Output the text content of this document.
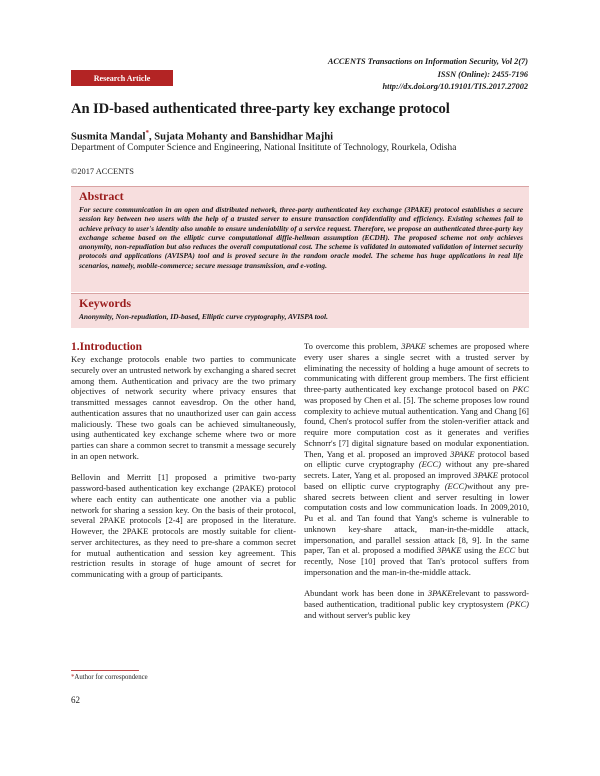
ACCENTS Transactions on Information Security, Vol 2(7)
ISSN (Online): 2455-7196
http://dx.doi.org/10.19101/TIS.2017.27002
Research Article
An ID-based authenticated three-party key exchange protocol
Susmita Mandal*, Sujata Mohanty and Banshidhar Majhi
Department of Computer Science and Engineering, National Insititute of Technology, Rourkela, Odisha
©2017 ACCENTS
Abstract

For secure communication in an open and distributed network, three-party authenticated key exchange (3PAKE) protocol establishes a secure session key between two users with the help of a trusted server to ensure transaction confidentiality and efficiency. Existing schemes fail to achieve privacy to user's identity also unable to ensure undeniability of a service request. Therefore, we propose an authenticated three-party key exchange scheme based on the elliptic curve computational diffie-hellman assumption (ECDH). The proposed scheme not only achieves anonymity, non-repudiation but also reduces the overall computational cost. The scheme is validated in automated validation of internet security protocols and applications (AVISPA) tool and is proved secure in the random oracle model. The scheme has huge applications in real life scenarios, namely, mobile-commerce; secure message transmission, and e-voting.

Keywords

Anonymity, Non-repudiation, ID-based, Elliptic curve cryptography, AVISPA tool.

1.Introduction

Key exchange protocols enable two parties to communicate securely over an untrusted network by exchanging a shared secret among them. Authentication and privacy are the two primary objectives of network security where privacy ensures that transmitted messages cannot eavesdrop. On the other hand, authentication assures that no unauthorized user can gain access maliciously. These two goals can be achieved simultaneously, using authenticated key exchange scheme where two or more parties can share a common secret to transmit a message securely in an open network.

Bellovin and Merritt [1] proposed a primitive two-party password-based authentication key exchange (2PAKE) protocol where each entity can authenticate one another via a public network for sharing a session key. On the basis of their protocol, several 2PAKE protocols [2-4] are proposed in the literature. However, the 2PAKE protocols are mostly suitable for client-server architectures, as they need to pre-share a common secret for mutual authentication and session key agreement. This restriction results in storage of huge amount of secret for communicating with a group of participants.

To overcome this problem, 3PAKE schemes are proposed where every user shares a single secret with a trusted server by eliminating the necessity of holding a huge amount of secrets to communicating with different group members. The first efficient three-party authenticated key exchange protocol based on PKC was proposed by Chen et al. [5]. The scheme proposes low round complexity to achieve mutual authentication. Yang and Chang [6] found, Chen's protocol suffer from the stolen-verifier attack and require more computation cost as it generates and verifies Schnorr's [7] digital signature based on modular exponentiation. Then, Yang et al. proposed an improved 3PAKE protocol based on elliptic curve cryptography (ECC) without any pre-shared secrets. Later, Yang et al. proposed an improved 3PAKE protocol based on elliptic curve cryptography (ECC)without any pre-shared secrets between client and server resulting in lower computation costs and low communication loads. In 2009,2010, Pu et al. and Tan found that Yang's scheme is vulnerable to unknown key-share attack, man-in-the-middle attack, impersonation, and parallel session attack [8, 9]. In the same paper, Tan et al. proposed a modified 3PAKE using the ECC but recently, Nose [10] proved that Tan's protocol suffers from impersonation and the man-in-the-middle attack.

Abundant work has been done in 3PAKErelevant to password-based authentication, traditional public key cryptosystem (PKC) and without server's public key

*Author for correspondence
62
